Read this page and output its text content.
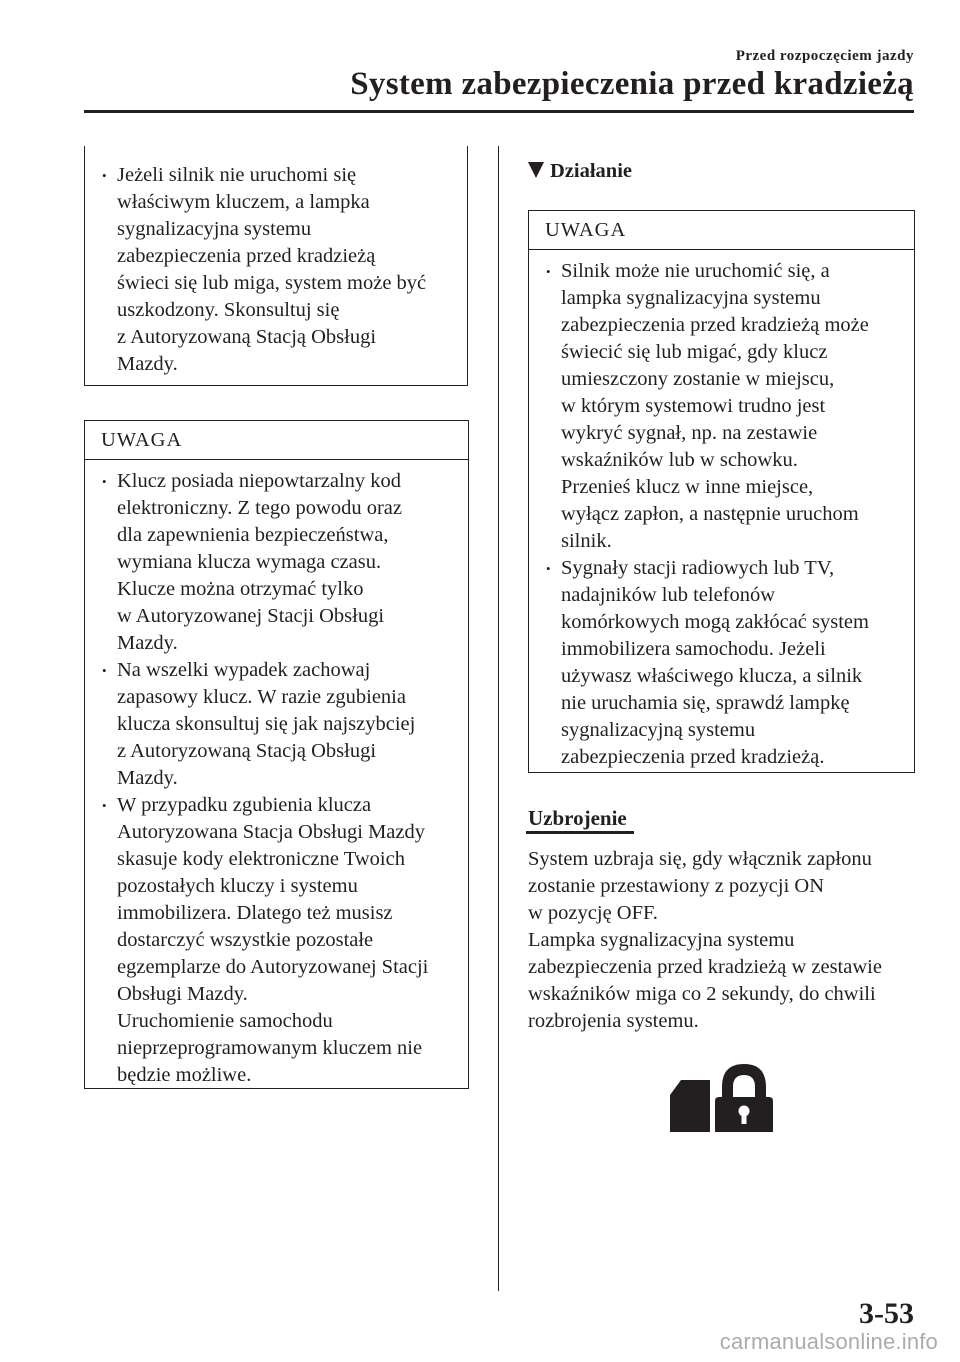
Przed rozpoczęciem jazdy
System zabezpieczenia przed kradzieżą
• Jeżeli silnik nie uruchomi się
właściwym kluczem, a lampka
sygnalizacyjna systemu
zabezpieczenia przed kradzieżą
świeci się lub miga, system może być
uszkodzony. Skonsultuj się
z Autoryzowaną Stacją Obsługi
Mazdy.
UWAGA
• Klucz posiada niepowtarzalny kod
elektroniczny. Z tego powodu oraz
dla zapewnienia bezpieczeństwa,
wymiana klucza wymaga czasu.
Klucze można otrzymać tylko
w Autoryzowanej Stacji Obsługi
Mazdy.
• Na wszelki wypadek zachowaj
zapasowy klucz. W razie zgubienia
klucza skonsultuj się jak najszybciej
z Autoryzowaną Stacją Obsługi
Mazdy.
• W przypadku zgubienia klucza
Autoryzowana Stacja Obsługi Mazdy
skasuje kody elektroniczne Twoich
pozostałych kluczy i systemu
immobilizera. Dlatego też musisz
dostarczyć wszystkie pozostałe
egzemplarze do Autoryzowanej Stacji
Obsługi Mazdy.
Uruchomienie samochodu
nieprzeprogramowanym kluczem nie
będzie możliwe.
Działanie
UWAGA
• Silnik może nie uruchomić się, a
lampka sygnalizacyjna systemu
zabezpieczenia przed kradzieżą może
świecić się lub migać, gdy klucz
umieszczony zostanie w miejscu,
w którym systemowi trudno jest
wykryć sygnał, np. na zestawie
wskaźników lub w schowku.
Przenieś klucz w inne miejsce,
wyłącz zapłon, a następnie uruchom
silnik.
• Sygnały stacji radiowych lub TV,
nadajników lub telefonów
komórkowych mogą zakłócać system
immobilizera samochodu. Jeżeli
używasz właściwego klucza, a silnik
nie uruchamia się, sprawdź lampkę
sygnalizacyjną systemu
zabezpieczenia przed kradzieżą.
Uzbrojenie
System uzbraja się, gdy włącznik zapłonu
zostanie przestawiony z pozycji ON
w pozycję OFF.
Lampka sygnalizacyjna systemu
zabezpieczenia przed kradzieżą w zestawie
wskaźników miga co 2 sekundy, do chwili
rozbrojenia systemu.
3-53
carmanualsonline.info
